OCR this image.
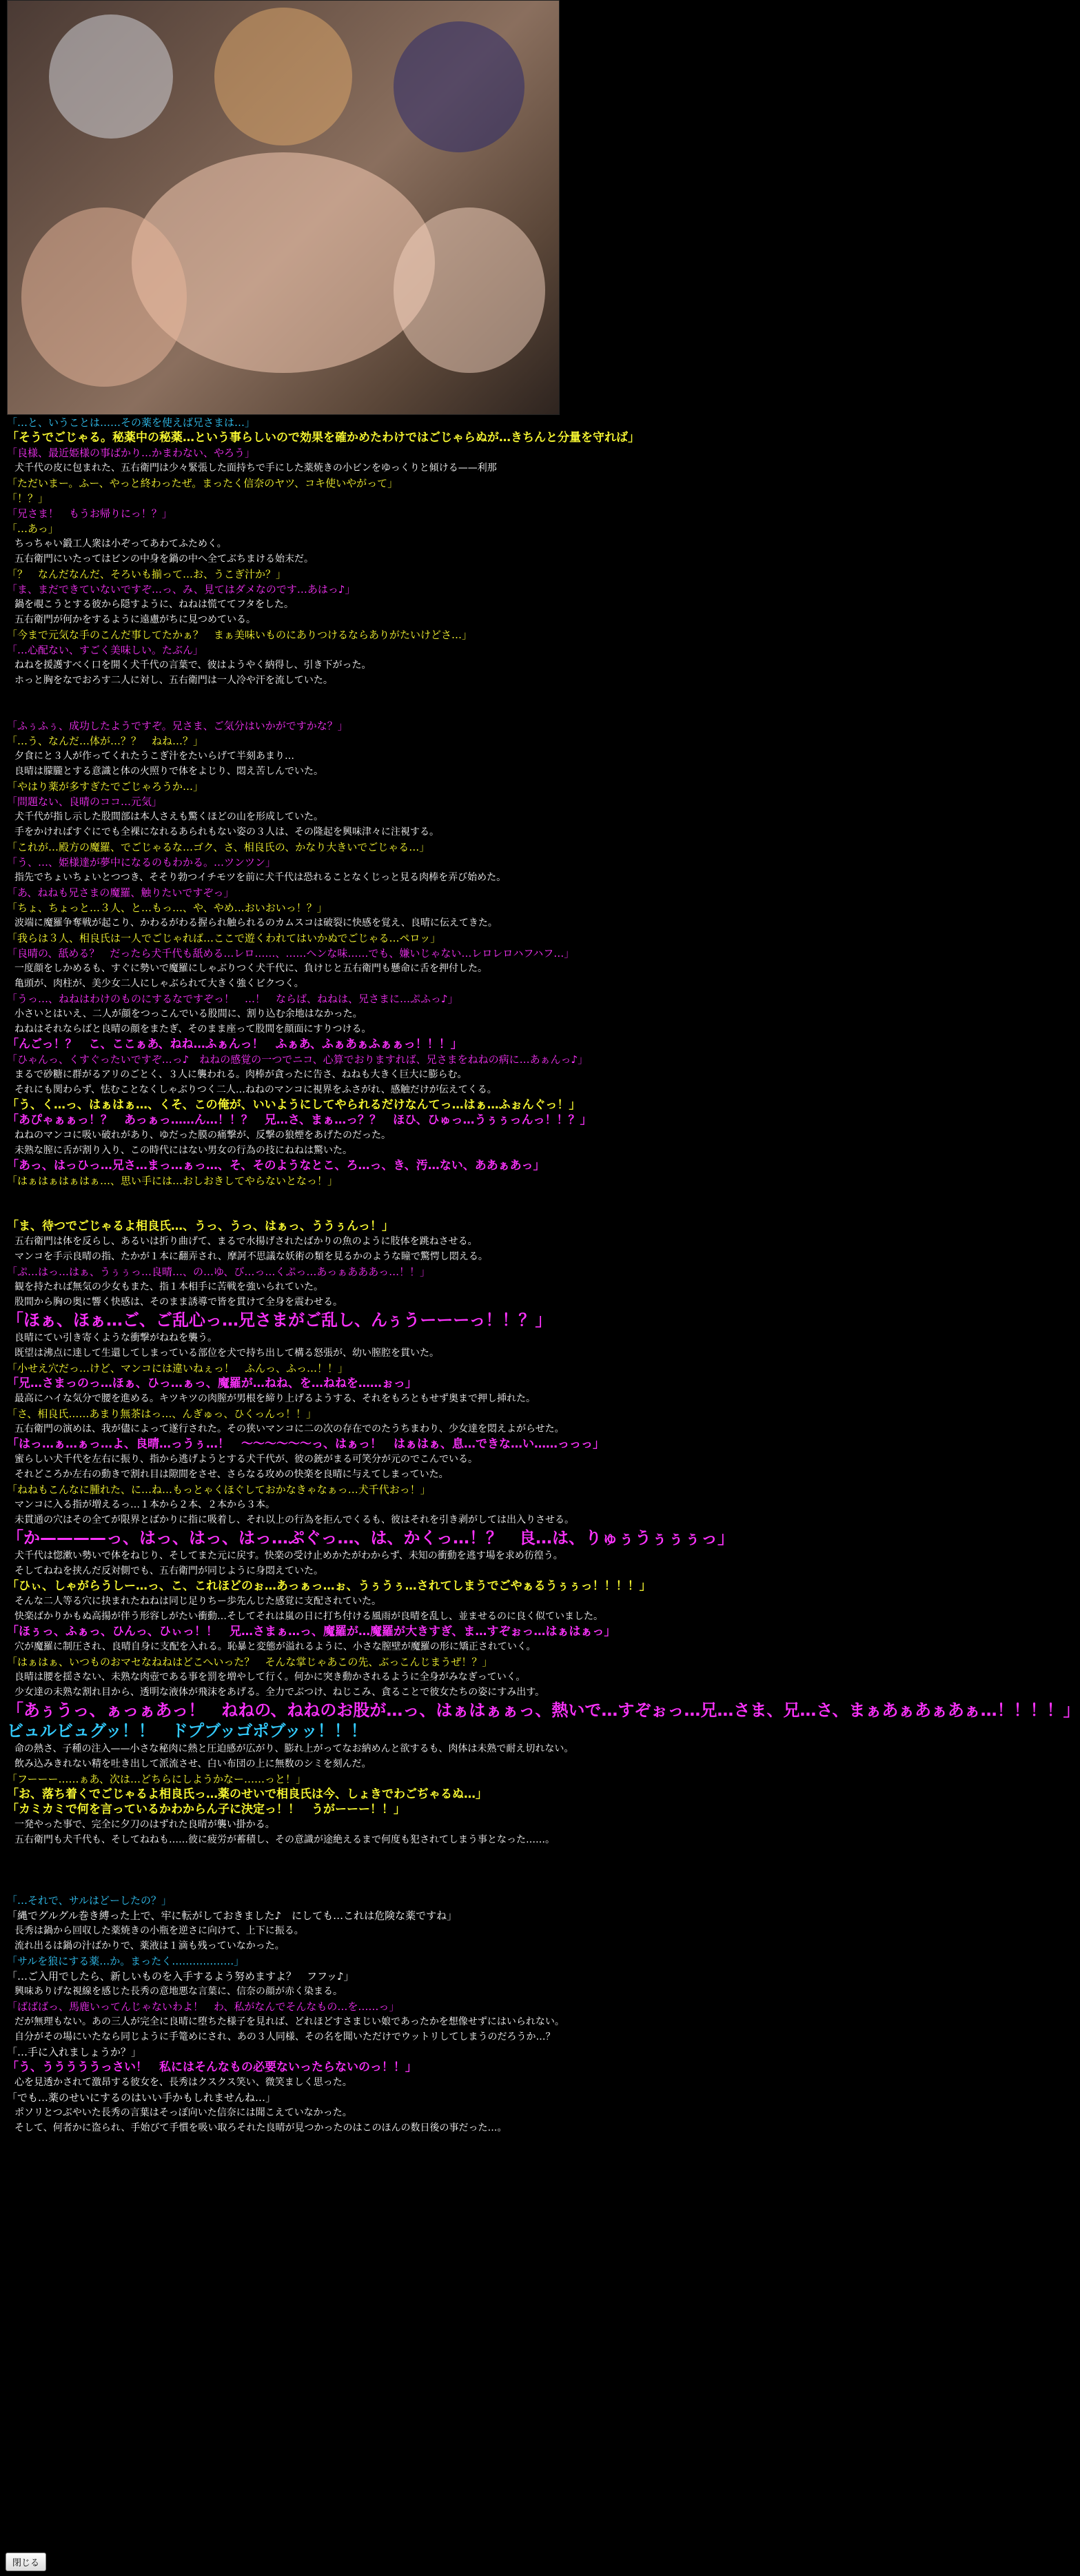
「…と、いうことは……その薬を使えば兄さまは…」

「そうでごじゃる。秘薬中の秘薬…という事らしいので効果を確かめたわけではごじゃらぬが…きちんと分量を守れば」

「良様、最近姫様の事ばかり…かまわない、やろう」

犬千代の皮に包まれた、五右衛門は少々緊張した面持ちで手にした薬焼きの小ビンをゆっくりと傾ける——利那

「ただいまー。ふー、やっと終わったぜ。まったく信奈のヤツ、コキ使いやがって」

「！？」

「兄さま！　もうお帰りにっ！？」

「…あっ」

ちっちゃい鍛工人衆は小ぞってあわてふためく。

五右衛門にいたってはビンの中身を鍋の中へ全てぶちまける始末だ。

「？　なんだなんだ、そろいも揃って…お、うこぎ汁か？」

「ま、まだできていないですぞ…っ、み、見てはダメなのです…あはっ♪」

鍋を覗こうとする彼から隠すように、ねねは慌ててフタをした。

五右衛門が何かをするように遠慮がちに見つめている。

「今まで元気な手のこんだ事してたかぁ？　まぁ美味いものにありつけるならありがたいけどさ…」

「…心配ない、すごく美味しい。たぶん」

ねねを援護すべく口を開く犬千代の言葉で、彼はようやく納得し、引き下がった。

ホっと胸をなでおろす二人に対し、五右衛門は一人冷や汗を流していた。

「ふぅふぅ、成功したようですぞ。兄さま、ご気分はいかがですかな？」

「…う、なんだ…体が…？？　ねね…？」

夕食にと３人が作ってくれたうこぎ汁をたいらげて半刻あまり…

良晴は朦朧とする意識と体の火照りで体をよじり、悶え苦しんでいた。

「やはり薬が多すぎたでごじゃろうか…」

「問題ない、良晴のココ…元気」

犬千代が指し示した股間部は本人さえも驚くほどの山を形成していた。

手をかければすぐにでも全裸になれるあられもない姿の３人は、その隆起を興味津々に注視する。

「これが…殿方の魔羅、でごじゃるな…ゴク、さ、相良氏の、かなり大きいでごじゃる…」

「う、…、姫様達が夢中になるのもわかる。…ツンツン」

指先でちょいちょいとつつき、そそり勃つイチモツを前に犬千代は恐れることなくじっと見る肉棒を弄び始めた。

「あ、ねねも兄さまの魔羅、触りたいですぞっ」

「ちょ、ちょっと…３人、と…もっ…、や、やめ…おいおいっ！？」

波端に魔羅争奪戦が起こり、かわるがわる握られ触られるのカムスコは破裂に快感を覚え、良晴に伝えてきた。

「我らは３人、相良氏は一人でごじゃれば…ここで遊くわれてはいかぬでごじゃる…ペロッ」

「良晴の、舐める？　だったら犬千代も舐める…レロ……、……ヘンな味……でも、嫌いじゃない…レロレロハフハフ…」

一度顔をしかめるも、すぐに勢いで魔羅にしゃぶりつく犬千代に、負けじと五右衛門も懸命に舌を押付した。

亀頭が、肉柱が、美少女二人にしゃぶられて大きく強くビクつく。

「うっ…、ねねはわけのものにするなですぞっ！　…！　ならば、ねねは、兄さまに…ぷふっ♪」

小さいとはいえ、二人が顔をつっこんでいる股間に、割り込む余地はなかった。

ねねはそれならばと良晴の顔をまたぎ、そのまま座って股間を顔面にすりつける。

「んごっ！？　こ、ここぁあ、ねね…ふぁんっ！　ふぁあ、ふぁあぁふぁぁっ！！！」

「ひゃんっ、くすぐったいですぞ…っ♪　ねねの感覚の一つでニコ、心算でおりますれば、兄さまをねねの病に…あぁんっ♪」

まるで砂糖に群がるアリのごとく、３人に襲われる。肉棒が貪ったに告さ、ねねも大きく巨大に膨らむ。

それにも関わらず、怯むことなくしゃぶりつく二人…ねねのマンコに視界をふさがれ、感触だけが伝えてくる。

「う、く…っ、はぁはぁ…、くそ、この俺が、いいようにしてやられるだけなんてっ…はぁ…ふぉんぐっ！」

「あぴゃぁぁっ！？　あっぁっ……ん…！！？　兄…さ、まぁ…っ？？　ほひ、ひゅっ…うぅぅっんっ！！？」

ねねのマンコに吸い破れがあり、ゆだった膜の痛撃が、反撃の狼煙をあげたのだった。

未熟な膣に舌が割り入り、この時代にはない男女の行為の技にねねは驚いた。

「あっ、はっひっ…兄さ…まっ…ぁっ…、そ、そのようなとこ、ろ…っ、き、汚…ない、ああぁあっ」

「はぁはぁはぁはぁ…、思い手には…おしおきしてやらないとなっ！」

「ま、待つでごじゃるよ相良氏…、うっ、うっ、はぁっ、ううぅんっ！」

五右衛門は体を反らし、あるいは折り曲げて、まるで水揚げされたばかりの魚のように肢体を跳ねさせる。

マンコを手示良晴の指、たかが１本に翻弄され、摩訶不思議な妖術の類を見るかのような瞳で驚愕し悶える。

「ぷ…はっ…はぁ、うぅぅっ…良晴…、の…ゆ、び…っ…くぷっ…あっぁあああっ…！！」

観を持たれば無気の少女もまた、指１本相手に苦戦を強いられていた。

股間から胸の奥に響く快感は、そのまま誘導で皆を貫けて全身を震わせる。

「ほぁ、ほぁ…ご、ご乱心っ…兄さまがご乱し、んぅうーーーっ！！？」

良晴にてい引き寄くような衝撃がねねを襲う。

既望は沸点に達して生還してしまっている部位を犬で持ち出して構る怒張が、幼い膣腔を貫いた。

「小せえ穴だっ…けど、マンコには違いねぇっ！　ふんっ、ふっ…！！」

「兄…さまっのっ…ほぁ、ひっ…ぁっ、魔羅が…ねね、を…ねねを……ぉっ」

最高にハイな気分で腰を進める。キツキツの肉膣が男根を締り上げるようする、それをもろともせず奥まで押し挿れた。

「さ、相良氏……あまり無茶はっ…、んぎゅっ、ひくっんっ！！」

五右衛門の演めは、我が儘によって遂行された。その狭いマンコに二の次の存在でのたうちまわり、少女達を悶えよがらせた。

「はっ…ぁ…ぁっ…よ、良晴…っうぅ…！　〜〜〜〜〜〜っ、はぁっ！　はぁはぁ、息…できな…い……っっっ」

蜜らしい犬千代を左右に振り、指から逃げようとする犬千代が、彼の銃がまる可笑分が元のでこんでいる。

それどころか左右の動きで割れ目は隙間をさせ、さらなる攻めの快楽を良晴に与えてしまっていた。

「ねねもこんなに腫れた、に…ね…もっとゃくほぐしておかなきゃなぁっ…犬千代おっ！」

マンコに入る指が増えるっ…１本から２本、２本から３本。

未貫通の穴はその全てが限界とばかりに指に吸着し、それ以上の行為を拒んでくるも、彼はそれを引き剥がしては出入りさせる。

「か————っ、はっ、はっ、はっ…ぷぐっ…、は、かくっ…！？　良…は、りゅぅうぅぅぅっ」

犬千代は惚漱い勢いで体をねじり、そしてまた元に戻す。快楽の受け止めかたがわからず、未知の衝動を逃す場を求め彷徨う。

そしてねねを挟んだ反対側でも、五右衛門が同じように身悶えていた。

「ひぃ、しゃがらうしー…っ、こ、これほどのぉ…あっぁっ…ぉ、うぅうぅ…されてしまうでごやぁるうぅぅっ！！！！」

そんな二人等る穴に抉まれたねねは同じ足りちー歩先んじた感覚に支配されていた。

快楽ばかりかもぬ高揚が伴う形容しがたい衝動…そしてそれは嵐の日に打ち付ける風雨が良晴を乱し、並ませるのに良く似ていました。

「ほぅっ、ふぁっ、ひんっ、ひぃっ！！　兄…さまぁ…っ、魔羅が…魔羅が大きすぎ、ま…すぞぉっ…はぁはぁっ」

穴が魔羅に制圧され、良晴自身に支配を入れる。恥暴と変態が溢れるように、小さな膣壁が魔羅の形に矯正されていく。

「はぁはぁ、いつものおマセなねねはどこへいった？　そんな掌じゃあこの先、ぶっこんじまうぜ！？」

良晴は腰を揺さない、未熟な肉壺である事を罰を増やして行く。何かに突き動かされるように全身がみなぎっていく。

少女達の未熟な割れ目から、透明な液体が飛沫をあげる。全力でぶつけ、ねじこみ、貪ることで彼女たちの姿にすみ出す。

「あぅうっ、ぁっぁあっ！　ねねの、ねねのお股が…っ、はぁはぁぁっ、熱いで…すぞぉっ…兄…さま、兄…さ、まぁあぁあぁあぁ…！！！！」

ビュルビュグッ！！　ドプブッゴポブッッ！！！

命の熱さ、子種の注入——小さな秘肉に熱と圧迫感が広がり、膨れ上がってなお納めんと欲するも、肉体は未熟で耐え切れない。

飲み込みきれない精を吐き出して派流させ、白い布団の上に無数のシミを刻んだ。

「フーーー……ぁあ、次は…どちらにしようかなー……っと！」

「お、落ち着くでごじゃるよ相良氏っ…薬のせいで相良氏は今、しょきでわごぢゃるぬ…」

「カミカミで何を言っているかわからん子に決定っ！！　うがーーー！！」

一発やった事で、完全に夕刀のはずれた良晴が襲い掛かる。

五右衛門も犬千代も、そしてねねも……彼に疲労が蓄積し、その意識が途絶えるまで何度も犯されてしまう事となった……。

「…それで、サルはどーしたの？」

「縄でグルグル巻き縛った上で、牢に転がしておきました♪　にしても…これは危険な薬ですね」

長秀は鍋から回収した薬焼きの小瓶を逆さに向けて、上下に振る。

流れ出るは鍋の汁ばかりで、薬液は１滴も残っていなかった。

「サルを狼にする薬…か。まったく………………」

「…ご入用でしたら、新しいものを入手するよう努めますよ？　フフッ♪」

興味ありげな視線を感じた長秀の意地悪な言葉に、信奈の顔が赤く染まる。

「ばばばっ、馬鹿いってんじゃないわよ！　わ、私がなんでそんなもの…を……っ」

だが無理もない。あの三人が完全に良晴に堕ちた様子を見れば、どれほどすさまじい娘であったかを想像せずにはいられない。

自分がその場にいたなら同じように手篭めにされ、あの３人同様、その名を聞いただけでウットリしてしまうのだろうか…？

「…手に入れましょうか？」

「う、うううううっさい！　私にはそんなもの必要ないったらないのっ！！」

心を見透かされて激昂する彼女を、長秀はクスクス笑い、微笑ましく思った。

「でも…薬のせいにするのはいい手かもしれませんね…」

ポソリとつぶやいた長秀の言葉はそっぽ向いた信奈には聞こえていなかった。

そして、何者かに盗られ、手始びて手慣を吸い取ろそれた良晴が見つかったのはこのほんの数日後の事だった…。

閉じる
